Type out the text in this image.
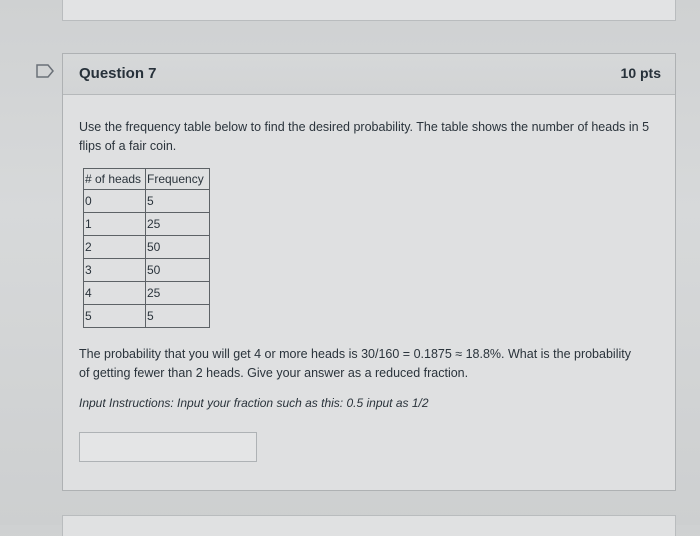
Question 7	10 pts
Use the frequency table below to find the desired probability. The table shows the number of heads in 5 flips of a fair coin.
# of heads	Frequency
0	5
1	25
2	50
3	50
4	25
5	5
The probability that you will get 4 or more heads is 30/160 = 0.1875 ≈ 18.8%. What is the probability of getting fewer than 2 heads. Give your answer as a reduced fraction.
Input Instructions: Input your fraction such as this: 0.5 input as 1/2
